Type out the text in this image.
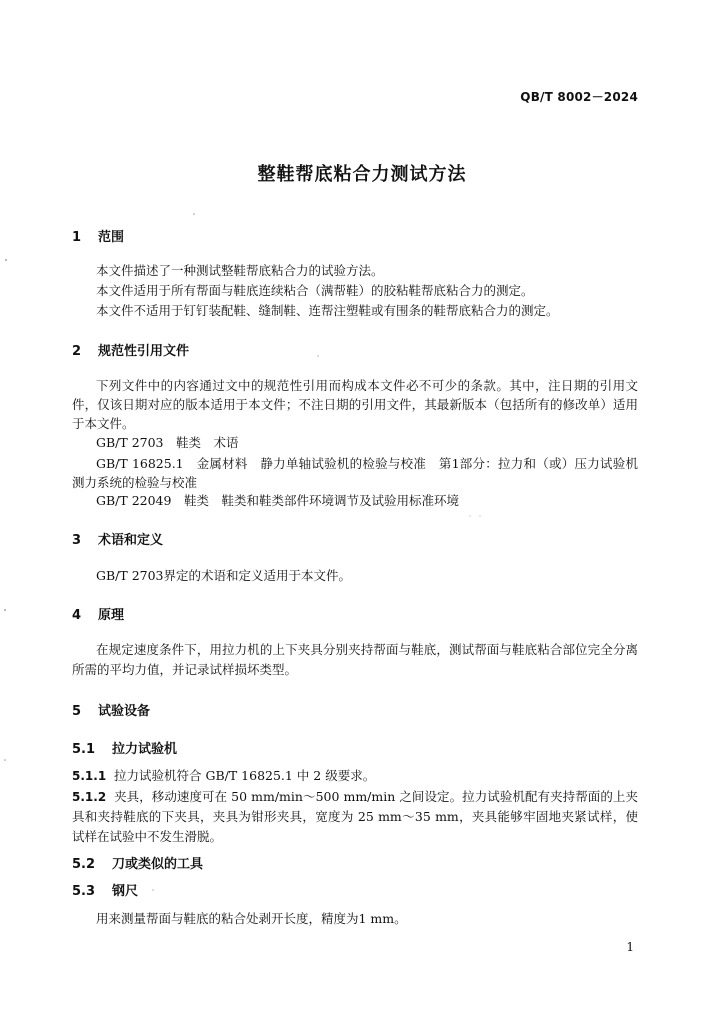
QB/T 8002－2024
整鞋帮底粘合力测试方法
1 范围
本文件描述了一种测试整鞋帮底粘合力的试验方法。
本文件适用于所有帮面与鞋底连续粘合（满帮鞋）的胶粘鞋帮底粘合力的测定。
本文件不适用于钉钉装配鞋、缝制鞋、连帮注塑鞋或有围条的鞋帮底粘合力的测定。
2 规范性引用文件
下列文件中的内容通过文中的规范性引用而构成本文件必不可少的条款。其中，注日期的引用文件，仅该日期对应的版本适用于本文件；不注日期的引用文件，其最新版本（包括所有的修改单）适用于本文件。
GB/T 2703　鞋类　术语
GB/T 16825.1　金属材料　静力单轴试验机的检验与校准　第1部分：拉力和（或）压力试验机　测力系统的检验与校准
GB/T 22049　鞋类　鞋类和鞋类部件环境调节及试验用标准环境
3 术语和定义
GB/T 2703界定的术语和定义适用于本文件。
4 原理
在规定速度条件下，用拉力机的上下夹具分别夹持帮面与鞋底，测试帮面与鞋底粘合部位完全分离所需的平均力值，并记录试样损坏类型。
5 试验设备
5.1 拉力试验机
5.1.1 拉力试验机符合 GB/T 16825.1 中 2 级要求。
5.1.2 夹具，移动速度可在 50 mm/min～500 mm/min 之间设定。拉力试验机配有夹持帮面的上夹具和夹持鞋底的下夹具，夹具为钳形夹具，宽度为 25 mm～35 mm，夹具能够牢固地夹紧试样，使试样在试验中不发生滑脱。
5.2 刀或类似的工具
5.3 钢尺
用来测量帮面与鞋底的粘合处剥开长度，精度为1 mm。
1
